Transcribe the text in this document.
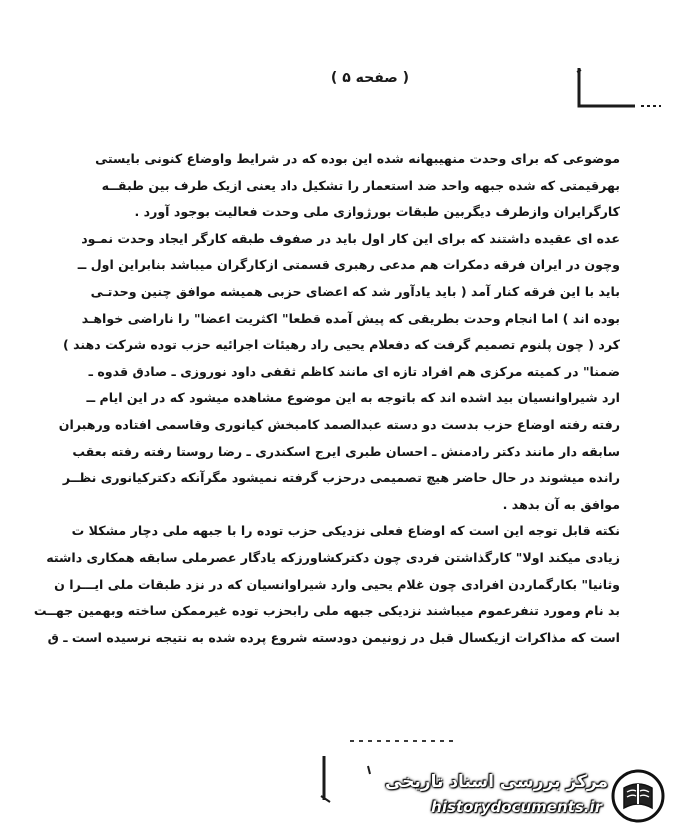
( صفحه ۵ )
موضوعی که برای وحدت منهیبهانه شده این بوده که در شرایط واوضاع کنونی بایستی
بهرقیمتی که شده جبهه واحد ضد استعمار را تشکیل داد یعنی ازیک طرف بین طبقــه
کارگرایران وازطرف دیگربین طبقات بورژوازی ملی وحدت فعالیت بوجود آورد .
عده ای عقیده داشتند که برای این کار اول باید در صفوف طبقه کارگر ایجاد وحدت نمـود
وچون در ایران فرقه دمکرات هم مدعی رهبری قسمتی ازکارگران میباشد بنابراین اول ــ
باید با این فرقه کنار آمد ( باید یادآور شد که اعضای حزبی همیشه موافق چنین وحدتـی
بوده اند ) اما انجام وحدت بطریقی که پیش آمده قطعا" اکثریت اعضا" را ناراضی خواهـد
کرد ( چون پلنوم تصمیم گرفت که دفعلام یحیی راد رهیئات اجرائیه حزب توده شرکت دهند )
ضمنا" در کمیته مرکزی هم افراد تازه ای مانند کاظم ثقفی داود نوروزی ـ صادق قدوه ـ
ارد شیراوانسیان بید اشده اند که باتوجه به این موضوع مشاهده میشود که در این ایام ــ
رفته رفته اوضاع حزب بدست دو دسته عبدالصمد کامبخش کیانوری وقاسمی افتاده ورهبران
سابقه دار مانند دکتر رادمنش ـ احسان طبری ایرج اسکندری ـ رضا روستا رفته رفته بعقب
رانده میشوند در حال حاضر هیچ تصمیمی درحزب گرفته نمیشود مگرآنکه دکترکیانوری نظــر
موافق به آن بدهد .
نکته قابل توجه این است که اوضاع فعلی نزدیکی حزب توده را با جبهه ملی دچار مشکلا ت
زیادی میکند اولا" کارگذاشتن فردی چون دکترکشاورزکه یادگار عصرملی سابقه همکاری داشته
وثانیا" بکارگماردن افرادی چون غلام یحیی وارد شیراوانسیان که در نزد طبقات ملی ایـــرا ن
بد نام ومورد تنفرعموم میباشند نزدیکی جبهه ملی رابحزب توده غیرممکن ساخته وبهمین جهــت
است که مذاکرات ازیکسال قبل در زونیمن دودسته شروع پرده شده به نتیجه نرسیده است ـ ق
مرکز بررسی اسناد تاریخی
historydocuments.ir
